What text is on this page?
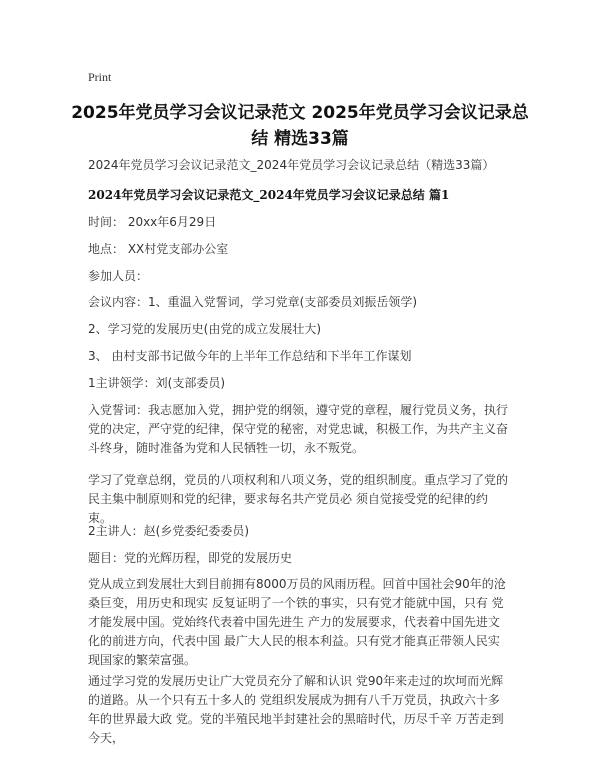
Print
2025年党员学习会议记录范文 2025年党员学习会议记录总结 精选33篇
2024年党员学习会议记录范文_2024年党员学习会议记录总结（精选33篇）
2024年党员学习会议记录范文_2024年党员学习会议记录总结 篇1
时间： 20xx年6月29日
地点： XX村党支部办公室
参加人员：
会议内容：1、重温入党誓词，学习党章(支部委员刘振岳领学)
2、学习党的发展历史(由党的成立发展壮大)
3、 由村支部书记做今年的上半年工作总结和下半年工作谋划
1主讲领学：刘(支部委员)
入党誓词：我志愿加入党，拥护党的纲领，遵守党的章程，履行党员义务，执行党的决定，严守党的纪律，保守党的秘密，对党忠诚，积极工作，为共产主义奋斗终身，随时准备为党和人民牺牲一切，永不叛党。
学习了党章总纲，党员的八项权利和八项义务，党的组织制度。重点学习了党的民主集中制原则和党的纪律，要求每名共产党员必 须自觉接受党的纪律的约束。
2主讲人：赵(乡党委纪委委员)
题目：党的光辉历程，即党的发展历史
党从成立到发展壮大到目前拥有8000万员的风雨历程。回首中国社会90年的沧桑巨变，用历史和现实 反复证明了一个铁的事实，只有党才能就中国，只有 党才能发展中国。党始终代表着中国先进生 产力的发展要求，代表着中国先进文化的前进方向，代表中国 最广大人民的根本利益。只有党才能真正带领人民实 现国家的繁荣富强。
通过学习党的发展历史让广大党员充分了解和认识 党90年来走过的坎坷而光辉的道路。从一个只有五十多人的 党组织发展成为拥有八千万党员，执政六十多年的世界最大政 党。党的半殖民地半封建社会的黑暗时代，历尽千辛 万苦走到今天，
